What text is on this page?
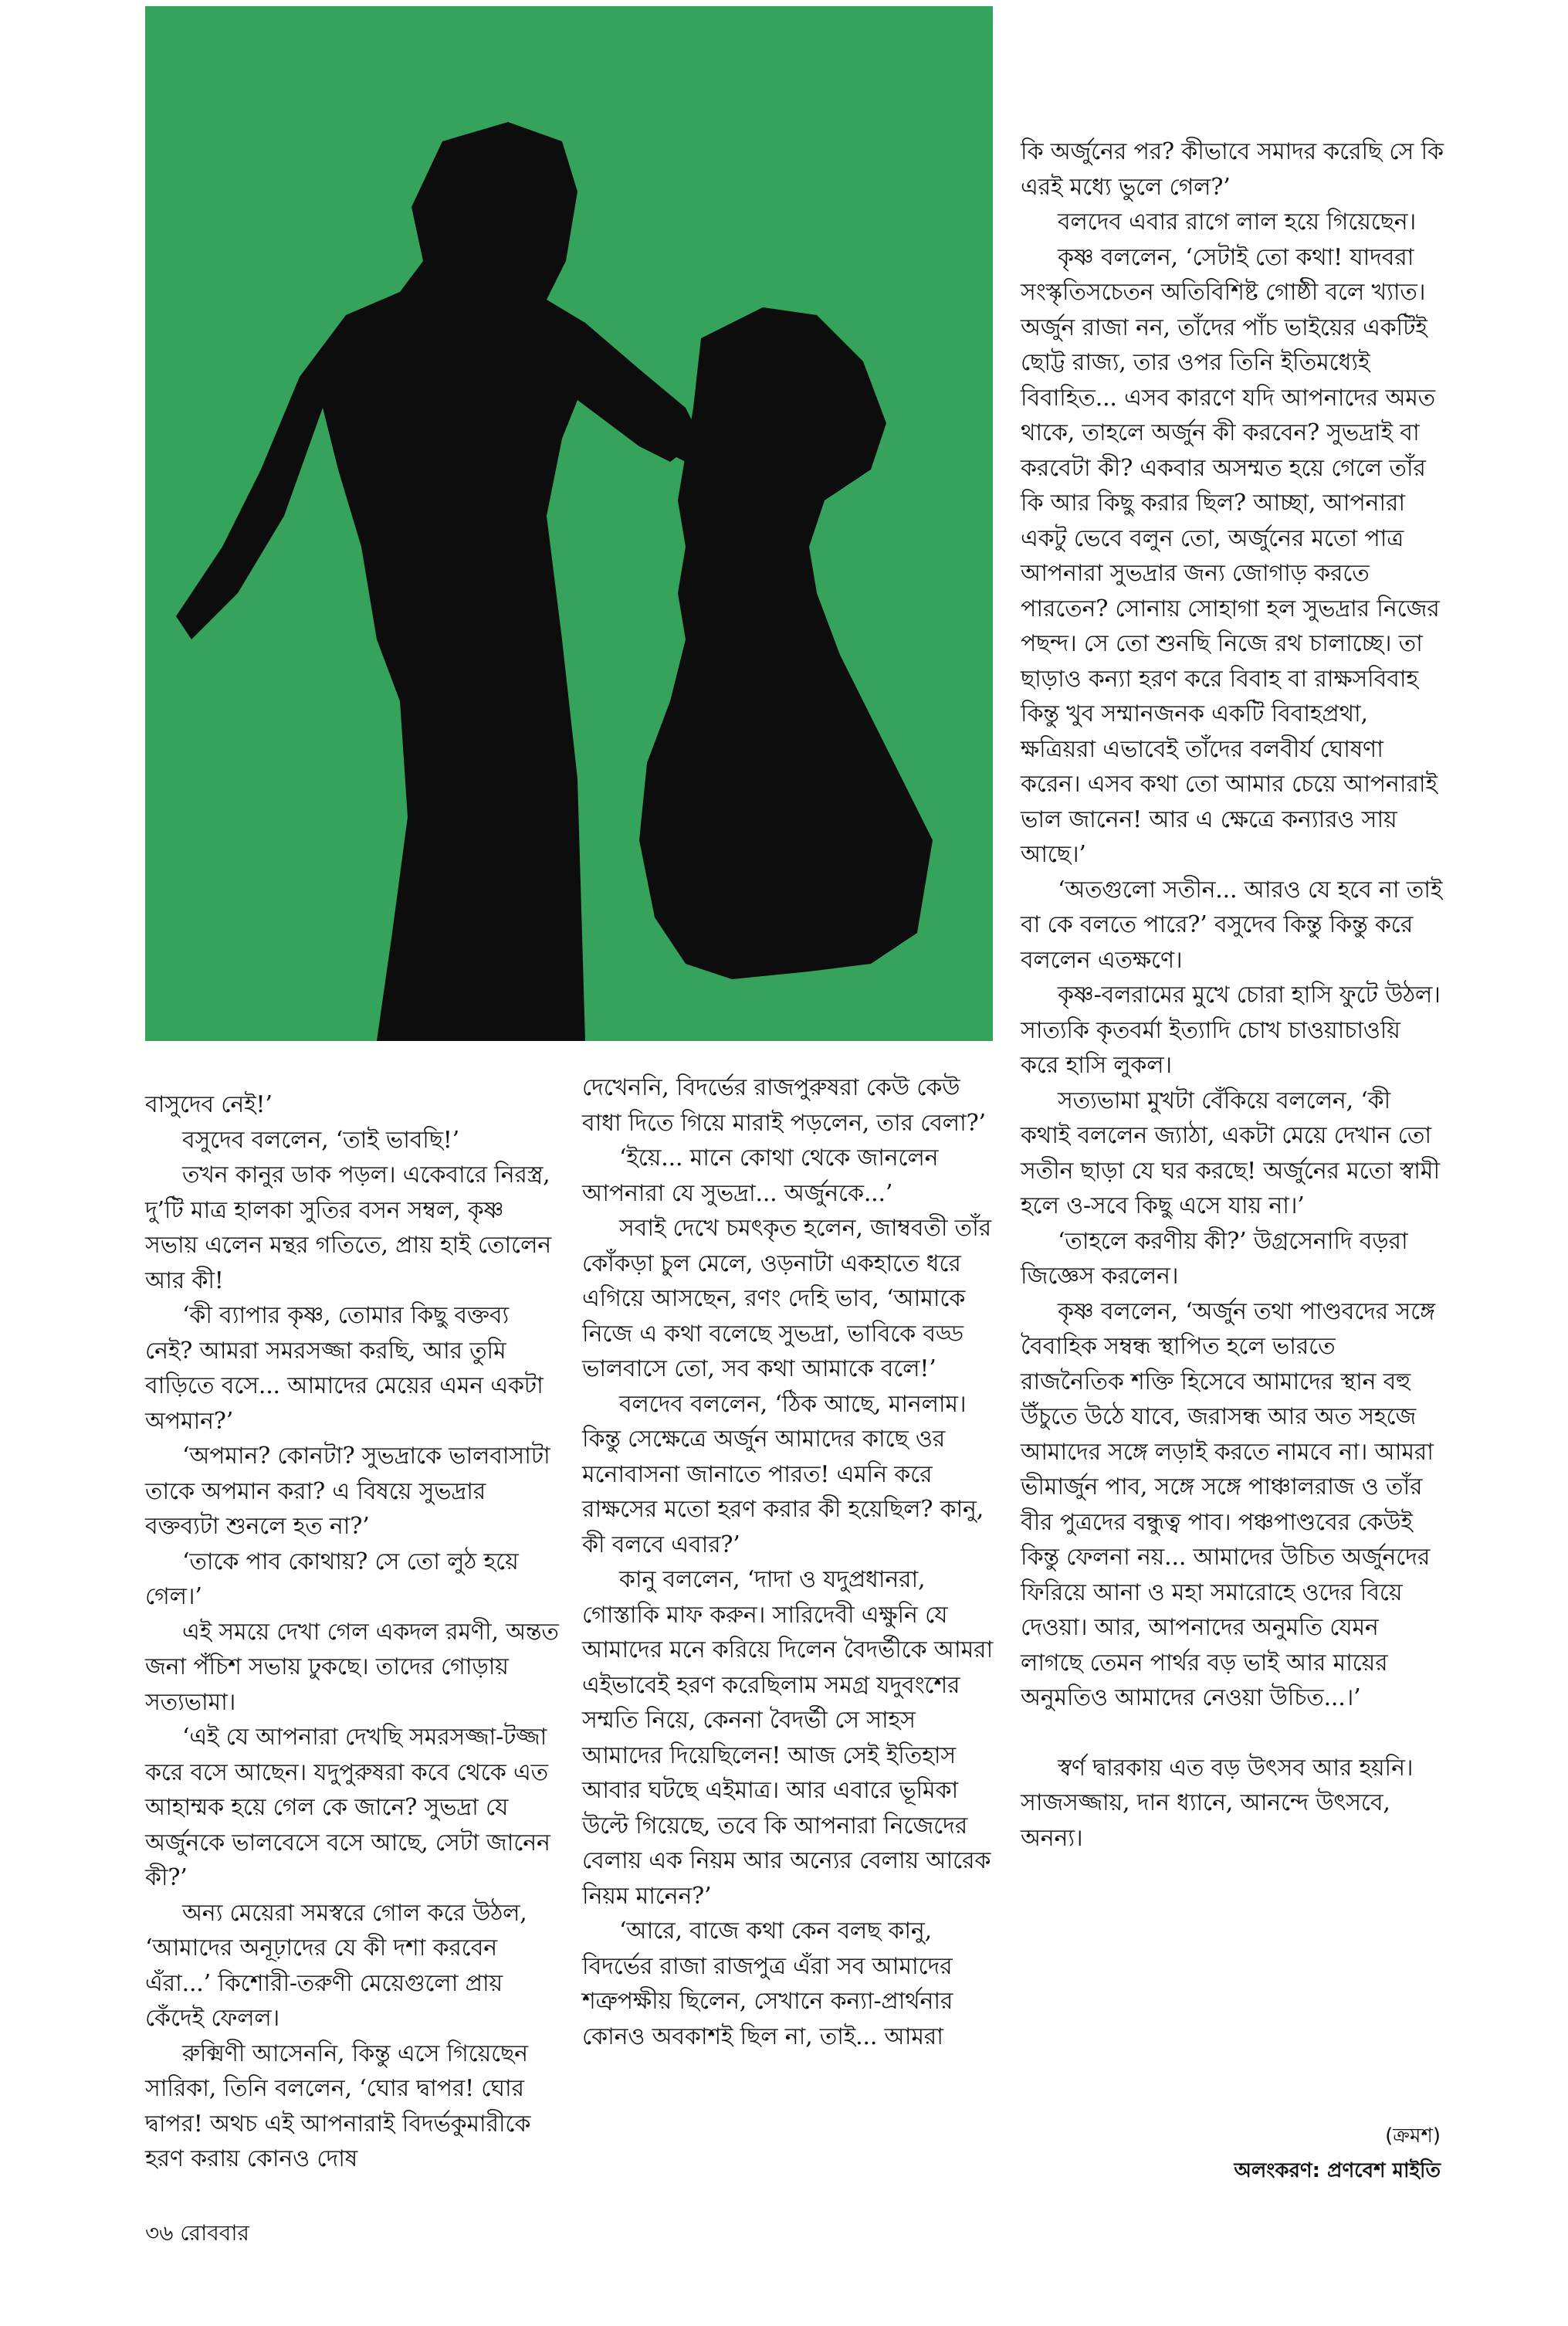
বাসুদেব নেই!’

বসুদেব বললেন, ‘তাই ভাবছি!’

তখন কানুর ডাক পড়ল। একেবারে নিরস্ত্র, দু’টি মাত্র হালকা সুতির বসন সম্বল, কৃষ্ণ সভায় এলেন মন্থর গতিতে, প্রায় হাই তোলেন আর কী!

‘কী ব্যাপার কৃষ্ণ, তোমার কিছু বক্তব্য নেই? আমরা সমরসজ্জা করছি, আর তুমি বাড়িতে বসে... আমাদের মেয়ের এমন একটা অপমান?’

‘অপমান? কোনটা? সুভদ্রাকে ভালবাসাটা তাকে অপমান করা? এ বিষয়ে সুভদ্রার বক্তব্যটা শুনলে হত না?’

‘তাকে পাব কোথায়? সে তো লুঠ হয়ে গেল।’

এই সময়ে দেখা গেল একদল রমণী, অন্তত জনা পঁচিশ সভায় ঢুকছে। তাদের গোড়ায় সত্যভামা।

‘এই যে আপনারা দেখছি সমরসজ্জা-টজ্জা করে বসে আছেন। যদুপুরুষরা কবে থেকে এত আহাম্মক হয়ে গেল কে জানে? সুভদ্রা যে অর্জুনকে ভালবেসে বসে আছে, সেটা জানেন কী?’

অন্য মেয়েরা সমস্বরে গোল করে উঠল, ‘আমাদের অনূঢ়াদের যে কী দশা করবেন এঁরা...’ কিশোরী-তরুণী মেয়েগুলো প্রায় কেঁদেই ফেলল।

রুক্মিণী আসেননি, কিন্তু এসে গিয়েছেন সারিকা, তিনি বললেন, ‘ঘোর দ্বাপর! ঘোর দ্বাপর! অথচ এই আপনারাই বিদর্ভকুমারীকে হরণ করায় কোনও দোষ

দেখেননি, বিদর্ভের রাজপুরুষরা কেউ কেউ বাধা দিতে গিয়ে মারাই পড়লেন, তার বেলা?’

‘ইয়ে... মানে কোথা থেকে জানলেন আপনারা যে সুভদ্রা... অর্জুনকে...’

সবাই দেখে চমৎকৃত হলেন, জাম্ববতী তাঁর কোঁকড়া চুল মেলে, ওড়নাটা একহাতে ধরে এগিয়ে আসছেন, রণং দেহি ভাব, ‘আমাকে নিজে এ কথা বলেছে সুভদ্রা, ভাবিকে বড্ড ভালবাসে তো, সব কথা আমাকে বলে!’

বলদেব বললেন, ‘ঠিক আছে, মানলাম। কিন্তু সেক্ষেত্রে অর্জুন আমাদের কাছে ওর মনোবাসনা জানাতে পারত! এমনি করে রাক্ষসের মতো হরণ করার কী হয়েছিল? কানু, কী বলবে এবার?’

কানু বললেন, ‘দাদা ও যদুপ্রধানরা, গোস্তাকি মাফ করুন। সারিদেবী এক্ষুনি যে আমাদের মনে করিয়ে দিলেন বৈদর্ভীকে আমরা এইভাবেই হরণ করেছিলাম সমগ্র যদুবংশের সম্মতি নিয়ে, কেননা বৈদর্ভী সে সাহস আমাদের দিয়েছিলেন! আজ সেই ইতিহাস আবার ঘটছে এইমাত্র। আর এবারে ভূমিকা উল্টে গিয়েছে, তবে কি আপনারা নিজেদের বেলায় এক নিয়ম আর অন্যের বেলায় আরেক নিয়ম মানেন?’

‘আরে, বাজে কথা কেন বলছ কানু, বিদর্ভের রাজা রাজপুত্র এঁরা সব আমাদের শত্রুপক্ষীয় ছিলেন, সেখানে কন্যা-প্রার্থনার কোনও অবকাশই ছিল না, তাই... আমরা

কি অর্জুনের পর? কীভাবে সমাদর করেছি সে কি এরই মধ্যে ভুলে গেল?’

বলদেব এবার রাগে লাল হয়ে গিয়েছেন।

কৃষ্ণ বললেন, ‘সেটাই তো কথা! যাদবরা সংস্কৃতিসচেতন অতিবিশিষ্ট গোষ্ঠী বলে খ্যাত। অর্জুন রাজা নন, তাঁদের পাঁচ ভাইয়ের একটিই ছোট্ট রাজ্য, তার ওপর তিনি ইতিমধ্যেই বিবাহিত... এসব কারণে যদি আপনাদের অমত থাকে, তাহলে অর্জুন কী করবেন? সুভদ্রাই বা করবেটা কী? একবার অসম্মত হয়ে গেলে তাঁর কি আর কিছু করার ছিল? আচ্ছা, আপনারা একটু ভেবে বলুন তো, অর্জুনের মতো পাত্র আপনারা সুভদ্রার জন্য জোগাড় করতে পারতেন? সোনায় সোহাগা হল সুভদ্রার নিজের পছন্দ। সে তো শুনছি নিজে রথ চালাচ্ছে। তা ছাড়াও কন্যা হরণ করে বিবাহ বা রাক্ষসবিবাহ কিন্তু খুব সম্মানজনক একটি বিবাহপ্রথা, ক্ষত্রিয়রা এভাবেই তাঁদের বলবীর্য ঘোষণা করেন। এসব কথা তো আমার চেয়ে আপনারাই ভাল জানেন! আর এ ক্ষেত্রে কন্যারও সায় আছে।’

‘অতগুলো সতীন... আরও যে হবে না তাই বা কে বলতে পারে?’ বসুদেব কিন্তু কিন্তু করে বললেন এতক্ষণে।

কৃষ্ণ-বলরামের মুখে চোরা হাসি ফুটে উঠল। সাত্যকি কৃতবর্মা ইত্যাদি চোখ চাওয়াচাওয়ি করে হাসি লুকল।

সত্যভামা মুখটা বেঁকিয়ে বললেন, ‘কী কথাই বললেন জ্যাঠা, একটা মেয়ে দেখান তো সতীন ছাড়া যে ঘর করছে! অর্জুনের মতো স্বামী হলে ও-সবে কিছু এসে যায় না।’

‘তাহলে করণীয় কী?’ উগ্রসেনাদি বড়রা জিজ্ঞেস করলেন।

কৃষ্ণ বললেন, ‘অর্জুন তথা পাণ্ডবদের সঙ্গে বৈবাহিক সম্বন্ধ স্থাপিত হলে ভারতে রাজনৈতিক শক্তি হিসেবে আমাদের স্থান বহু উঁচুতে উঠে যাবে, জরাসন্ধ আর অত সহজে আমাদের সঙ্গে লড়াই করতে নামবে না। আমরা ভীমার্জুন পাব, সঙ্গে সঙ্গে পাঞ্চালরাজ ও তাঁর বীর পুত্রদের বন্ধুত্ব পাব। পঞ্চপাণ্ডবের কেউই কিন্তু ফেলনা নয়... আমাদের উচিত অর্জুনদের ফিরিয়ে আনা ও মহা সমারোহে ওদের বিয়ে দেওয়া। আর, আপনাদের অনুমতি যেমন লাগছে তেমন পার্থর বড় ভাই আর মায়ের অনুমতিও আমাদের নেওয়া উচিত...।’

স্বর্ণ দ্বারকায় এত বড় উৎসব আর হয়নি। সাজসজ্জায়, দান ধ্যানে, আনন্দে উৎসবে, অনন্য।

(ক্রমশ)
অলংকরণ: প্রণবেশ মাইতি
৩৬ রোববার
